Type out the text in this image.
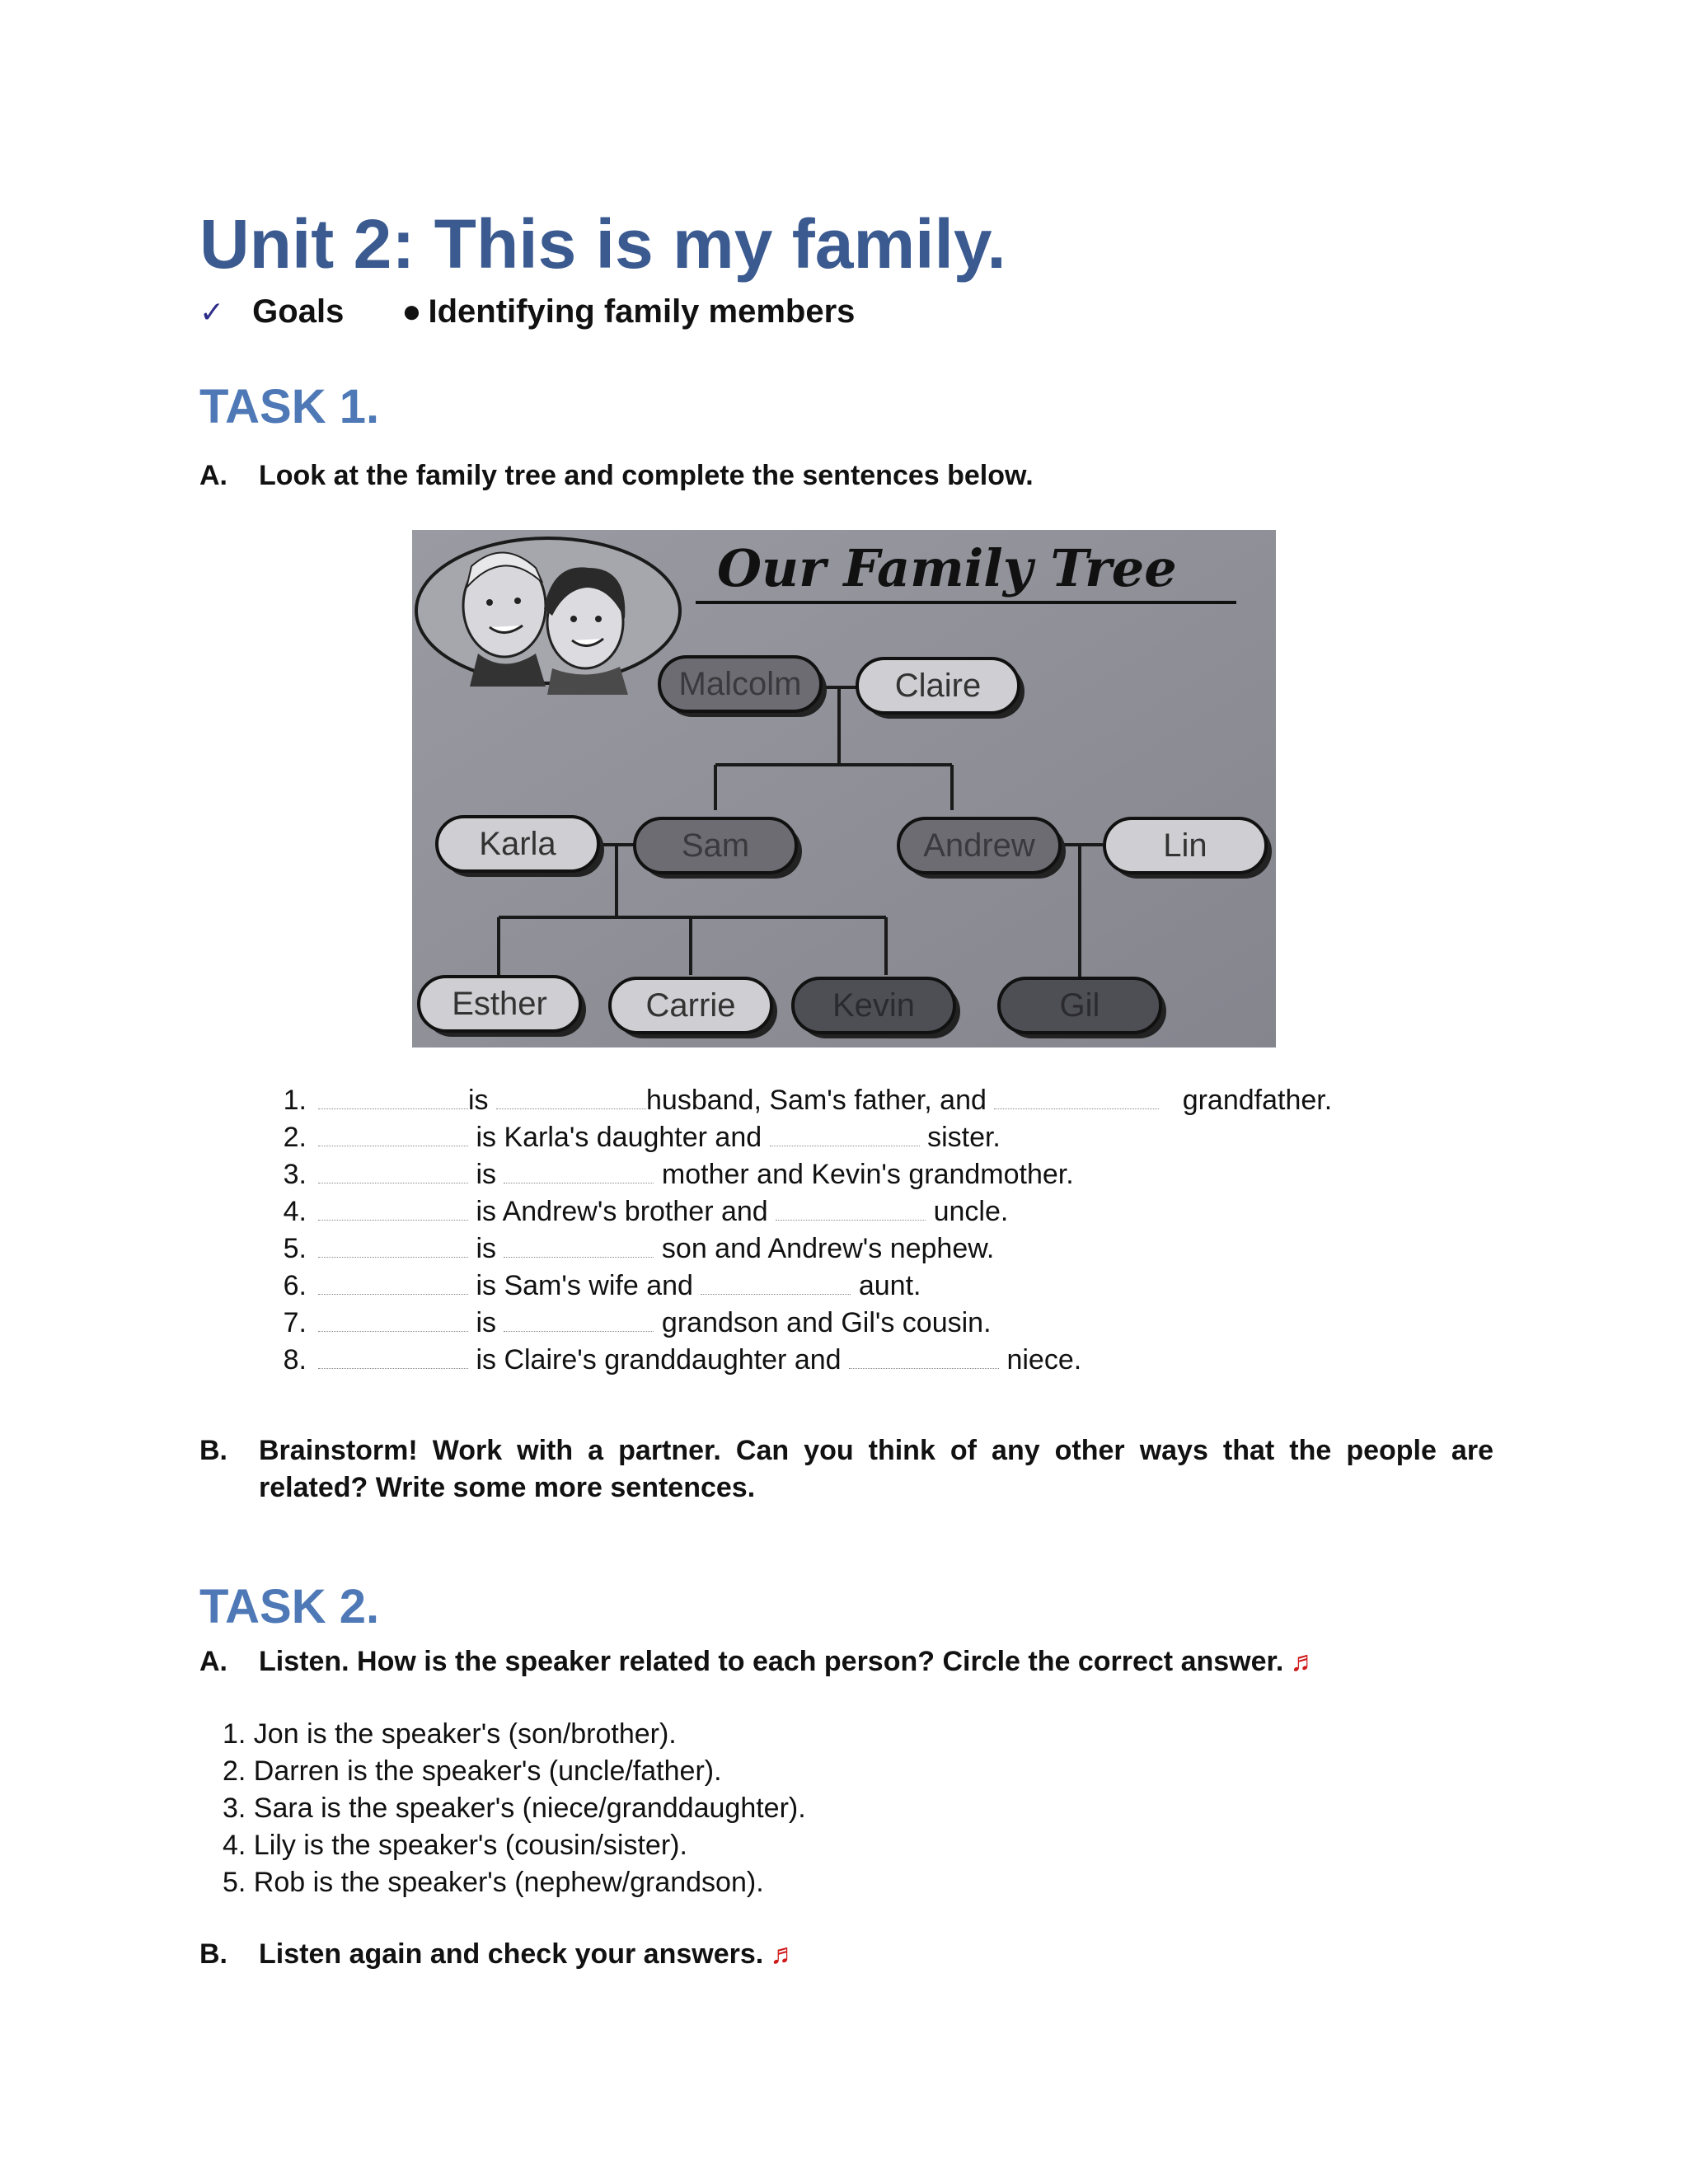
Unit 2: This is my family.
✓ Goals ● Identifying family members
TASK 1.
A. Look at the family tree and complete the sentences below.
Our Family Tree
Malcolm	Claire
Karla	Sam	Andrew	Lin
Esther	Carrie	Kevin	Gil
1.	is	husband, Sam's father, and	grandfather.
2.	is Karla's daughter and	sister.
3.	is	mother and Kevin's grandmother.
4.	is Andrew's brother and	uncle.
5.	is	son and Andrew's nephew.
6.	is Sam's wife and	aunt.
7.	is	grandson and Gil's cousin.
8.	is Claire's granddaughter and	niece.
B. Brainstorm! Work with a partner. Can you think of any other ways that the people are related? Write some more sentences.
TASK 2.
A. Listen. How is the speaker related to each person? Circle the correct answer. ♬
1. Jon is the speaker's (son/brother).
2. Darren is the speaker's (uncle/father).
3. Sara is the speaker's (niece/granddaughter).
4. Lily is the speaker's (cousin/sister).
5. Rob is the speaker's (nephew/grandson).
B. Listen again and check your answers. ♬
